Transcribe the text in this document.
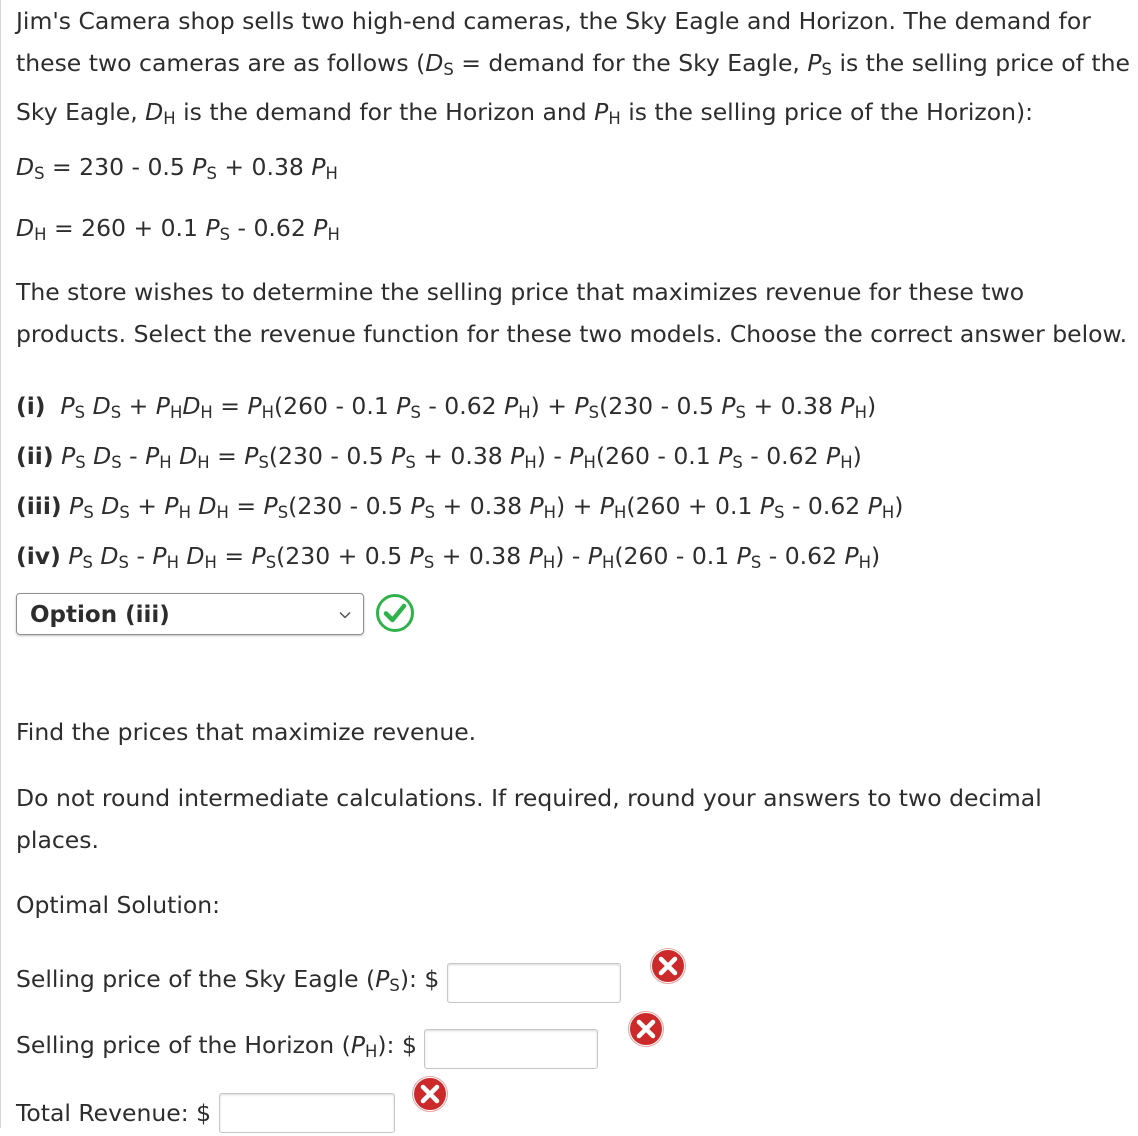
Jim's Camera shop sells two high-end cameras, the Sky Eagle and Horizon. The demand for these two cameras are as follows ($D_S$ = demand for the Sky Eagle, $P_S$ is the selling price of the Sky Eagle, $D_H$ is the demand for the Horizon and $P_H$ is the selling price of the Horizon):

$D_S = 230 - 0.5$ $P_S + 0.38$ $P_H$

$D_H = 260 + 0.1$ $P_S - 0.62$ $P_H$

The store wishes to determine the selling price that maximizes revenue for these two products. Select the revenue function for these two models. Choose the correct answer below.

(i) $P_S$ $D_S + P_HD_H = P_H(260 - 0.1$ $P_S - 0.62$ $P_H) + P_S(230 - 0.5$ $P_S + 0.38$ $P_H$)
(ii) $P_S$ $D_S - P_H$ $D_H = P_S(230 - 0.5$ $P_S + 0.38$ $P_H) - P_H(260 - 0.1$ $P_S - 0.62$ $P_H$)
(iii) $P_S$ $D_S + P_H$ $D_H = P_S(230 - 0.5$ $P_S + 0.38$ $P_H) + P_H(260 + 0.1$ $P_S - 0.62$ $P_H$)
(iv) $P_S$ $D_S - P_H$ $D_H = P_S(230 + 0.5$ $P_S + 0.38$ $P_H) - P_H(260 - 0.1$ $P_S - 0.62$ $P_H$)
Option (iii)

Find the prices that maximize revenue.

Do not round intermediate calculations. If required, round your answers to two decimal places.

Optimal Solution:

Selling price of the Sky Eagle $(P_S)$: $
Selling price of the Horizon $(P_H)$: $
Total Revenue: $
